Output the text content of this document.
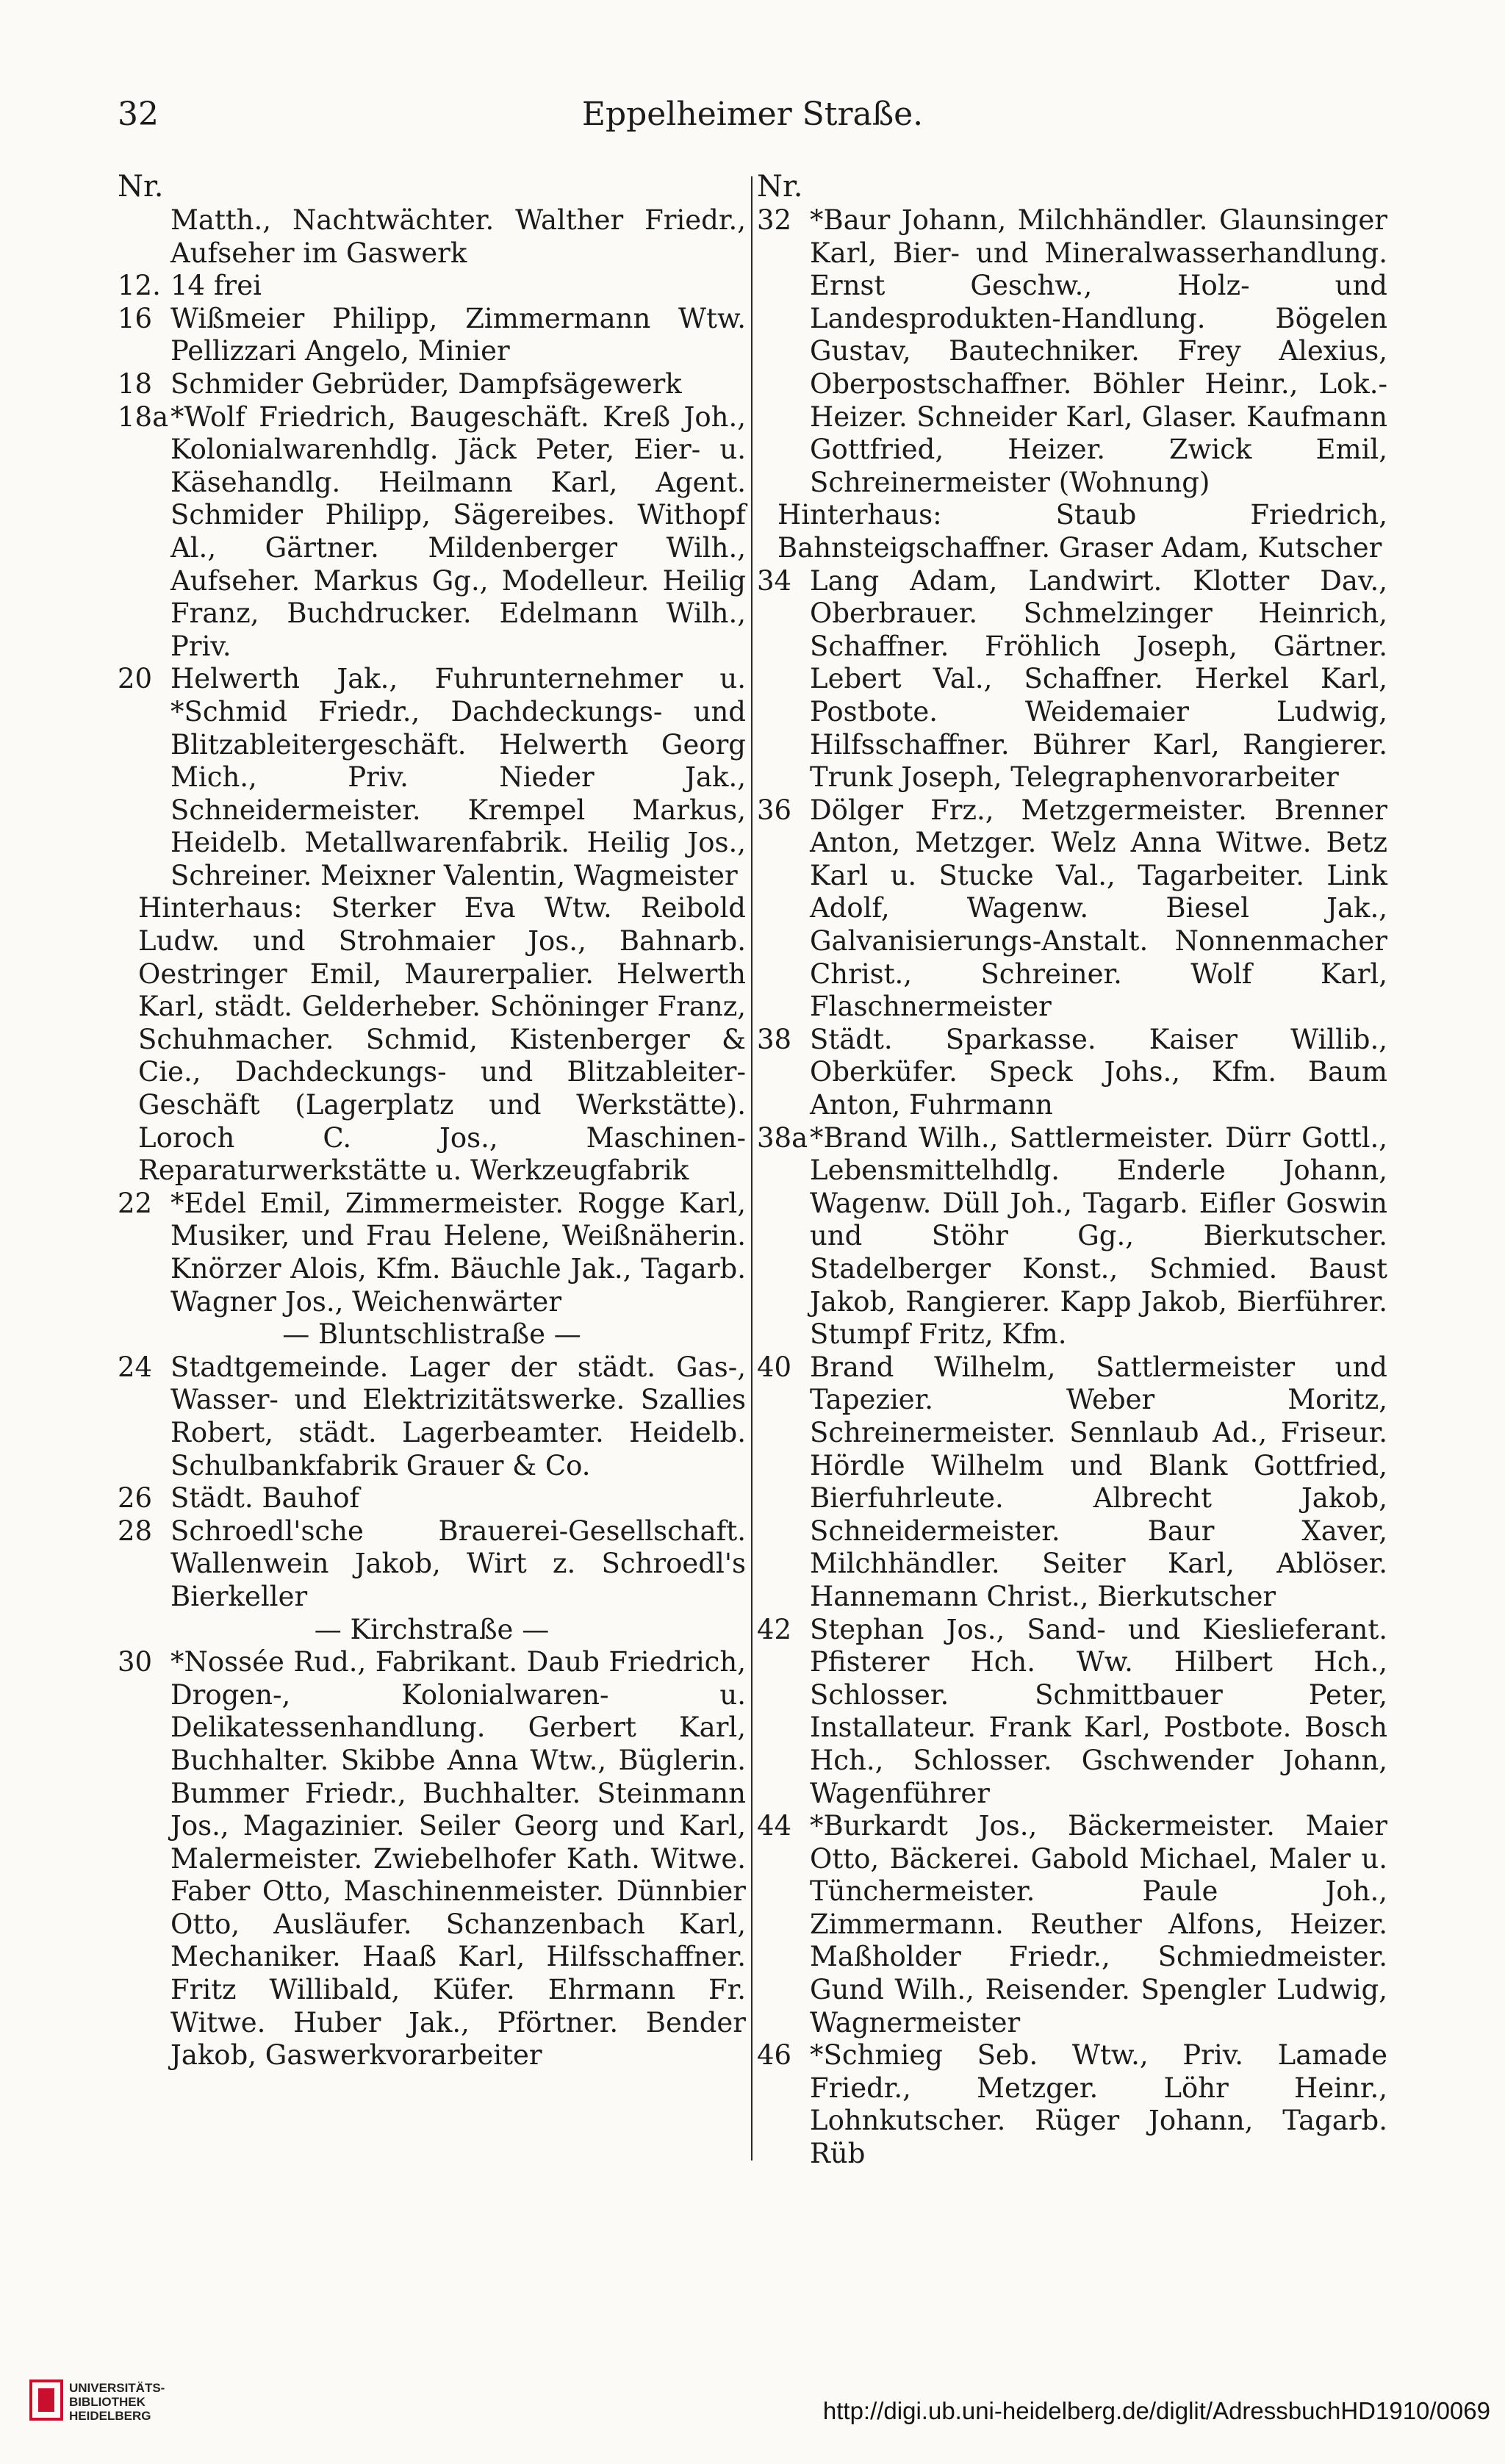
32	Eppelheimer Straße.
Nr.
Matth., Nachtwächter. Walther Friedr., Aufseher im Gaswerk
12. 14 frei
16 Wißmeier Philipp, Zimmermann Wtw. Pellizzari Angelo, Minier
18 Schmider Gebrüder, Dampfsägewerk
18a *Wolf Friedrich, Baugeschäft. Kreß Joh., Kolonialwarenhdlg. Jäck Peter, Eier- u. Käsehandlg. Heilmann Karl, Agent. Schmider Philipp, Sägereibes. Withopf Al., Gärtner. Mildenberger Wilh., Aufseher. Markus Gg., Modelleur. Heilig Franz, Buchdrucker. Edelmann Wilh., Priv.
20 Helwerth Jak., Fuhrunternehmer u. *Schmid Friedr., Dachdeckungs- und Blitzableitergeschäft. Helwerth Georg Mich., Priv. Nieder Jak., Schneidermeister. Krempel Markus, Heidelb. Metallwarenfabrik. Heilig Jos., Schreiner. Meixner Valentin, Wagmeister
Hinterhaus: Sterker Eva Wtw. Reibold Ludw. und Strohmaier Jos., Bahnarb. Oestringer Emil, Maurerpalier. Helwerth Karl, städt. Gelderheber. Schöninger Franz, Schuhmacher. Schmid, Kistenberger & Cie., Dachdeckungs- und Blitzableiter-Geschäft (Lagerplatz und Werkstätte). Loroch C. Jos., Maschinen-Reparaturwerkstätte u. Werkzeugfabrik
22 *Edel Emil, Zimmermeister. Rogge Karl, Musiker, und Frau Helene, Weißnäherin. Knörzer Alois, Kfm. Bäuchle Jak., Tagarb. Wagner Jos., Weichenwärter
— Bluntschlistraße —
24 Stadtgemeinde. Lager der städt. Gas-, Wasser- und Elektrizitätswerke. Szallies Robert, städt. Lagerbeamter. Heidelb. Schulbankfabrik Grauer & Co.
26 Städt. Bauhof
28 Schroedl'sche Brauerei-Gesellschaft. Wallenwein Jakob, Wirt z. Schroedl's Bierkeller
— Kirchstraße —
30 *Nossée Rud., Fabrikant. Daub Friedrich, Drogen-, Kolonialwaren- u. Delikatessenhandlung. Gerbert Karl, Buchhalter. Skibbe Anna Wtw., Büglerin. Bummer Friedr., Buchhalter. Steinmann Jos., Magazinier. Seiler Georg und Karl, Malermeister. Zwiebelhofer Kath. Witwe. Faber Otto, Maschinenmeister. Dünnbier Otto, Ausläufer. Schanzenbach Karl, Mechaniker. Haaß Karl, Hilfsschaffner. Fritz Willibald, Küfer. Ehrmann Fr. Witwe. Huber Jak., Pförtner. Bender Jakob, Gaswerkvorarbeiter
Nr.
32 *Baur Johann, Milchhändler. Glaunsinger Karl, Bier- und Mineralwasserhandlung. Ernst Geschw., Holz- und Landesprodukten-Handlung. Bögelen Gustav, Bautechniker. Frey Alexius, Oberpostschaffner. Böhler Heinr., Lok.-Heizer. Schneider Karl, Glaser. Kaufmann Gottfried, Heizer. Zwick Emil, Schreinermeister (Wohnung)
Hinterhaus: Staub Friedrich, Bahnsteigschaffner. Graser Adam, Kutscher
34 Lang Adam, Landwirt. Klotter Dav., Oberbrauer. Schmelzinger Heinrich, Schaffner. Fröhlich Joseph, Gärtner. Lebert Val., Schaffner. Herkel Karl, Postbote. Weidemaier Ludwig, Hilfsschaffner. Bührer Karl, Rangierer. Trunk Joseph, Telegraphenvorarbeiter
36 Dölger Frz., Metzgermeister. Brenner Anton, Metzger. Welz Anna Witwe. Betz Karl u. Stucke Val., Tagarbeiter. Link Adolf, Wagenw. Biesel Jak., Galvanisierungs-Anstalt. Nonnenmacher Christ., Schreiner. Wolf Karl, Flaschnermeister
38 Städt. Sparkasse. Kaiser Willib., Oberküfer. Speck Johs., Kfm. Baum Anton, Fuhrmann
38a *Brand Wilh., Sattlermeister. Dürr Gottl., Lebensmittelhdlg. Enderle Johann, Wagenw. Düll Joh., Tagarb. Eifler Goswin und Stöhr Gg., Bierkutscher. Stadelberger Konst., Schmied. Baust Jakob, Rangierer. Kapp Jakob, Bierführer. Stumpf Fritz, Kfm.
40 Brand Wilhelm, Sattlermeister und Tapezier. Weber Moritz, Schreinermeister. Sennlaub Ad., Friseur. Hördle Wilhelm und Blank Gottfried, Bierfuhrleute. Albrecht Jakob, Schneidermeister. Baur Xaver, Milchhändler. Seiter Karl, Ablöser. Hannemann Christ., Bierkutscher
42 Stephan Jos., Sand- und Kieslieferant. Pfisterer Hch. Ww. Hilbert Hch., Schlosser. Schmittbauer Peter, Installateur. Frank Karl, Postbote. Bosch Hch., Schlosser. Gschwender Johann, Wagenführer
44 *Burkardt Jos., Bäckermeister. Maier Otto, Bäckerei. Gabold Michael, Maler u. Tünchermeister. Paule Joh., Zimmermann. Reuther Alfons, Heizer. Maßholder Friedr., Schmiedmeister. Gund Wilh., Reisender. Spengler Ludwig, Wagnermeister
46 *Schmieg Seb. Wtw., Priv. Lamade Friedr., Metzger. Löhr Heinr., Lohnkutscher. Rüger Johann, Tagarb. Rüb
UNIVERSITÄTS-
BIBLIOTHEK
HEIDELBERG	http://digi.ub.uni-heidelberg.de/diglit/AdressbuchHD1910/0069
